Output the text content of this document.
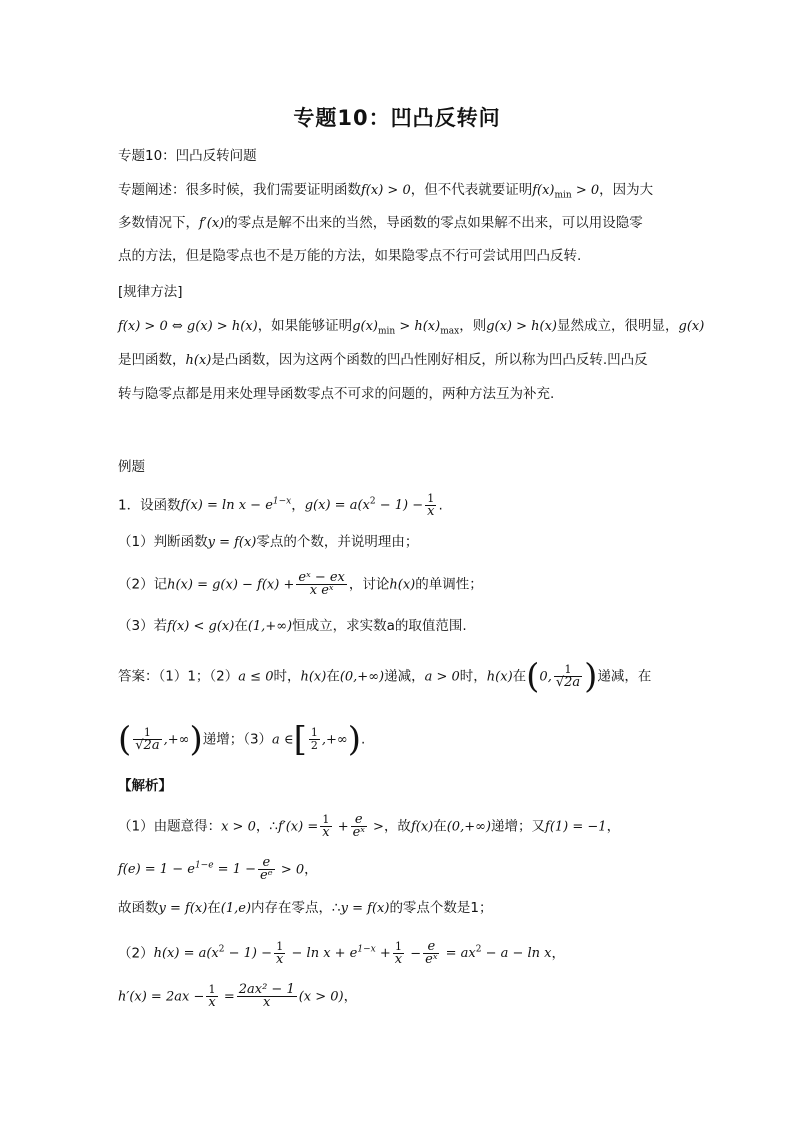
专题10：凹凸反转问
专题10：凹凸反转问题
专题阐述：很多时候，我们需要证明函数f(x) > 0，但不代表就要证明$f(x)_{min} > 0$，因为大
多数情况下，f′(x)的零点是解不出来的当然，导函数的零点如果解不出来，可以用设隐零
点的方法，但是隐零点也不是万能的方法，如果隐零点不行可尝试用凹凸反转.
[规律方法]
f(x) > 0 ⇔ g(x) > h(x)，如果能够证明$g(x)_{min} > h(x)_{max}$，则g(x) > h(x)显然成立，很明显，g(x)
是凹函数，h(x)是凸函数，因为这两个函数的凹凸性刚好相反，所以称为凹凸反转.凹凸反
转与隐零点都是用来处理导函数零点不可求的问题的，两种方法互为补充.
例题
1．设函数$f(x) = \ln x - e^{1-x}$，$g(x) = a(x^2 - 1) - \frac{1}{x}$ .
（1）判断函数y = f(x)零点的个数，并说明理由；
（2）记$h(x) = g(x) - f(x) + \frac{\text{eˣ − ex}}{\text{x eˣ}}$ ，讨论h(x)的单调性；
（3）若f(x) < g(x)在(1,+∞)恒成立，求实数a的取值范围.
答案：（1）1；（2）a ≤ 0时，h(x)在(0,+∞)递减，a > 0时，h(x)在(0, $\frac{1}{√2a}$ )递减，在
( $\frac{1}{√2a}$ ,+∞)递增；（3）a ∈[ $\frac{1}{2}$ ,+∞).
【解析】
（1）由题意得：x > 0，∴f′(x) = $\frac{1}{x} + \frac{e}{\text{eˣ}}$ >，故f(x)在(0,+∞)递增；又f(1) = −1，
$f(e) = 1 - e^{1-e} = 1 - \frac{e}{\text{eᵉ}} > 0$，
故函数y = f(x)在(1,e)内存在零点，∴y = f(x)的零点个数是1；
$(2)h(x) = a(x^2 - 1) - \frac{1}{x} - \ln x + e^{1-x} + \frac{1}{x} - \frac{e}{\text{eˣ}} = ax^2 - a - \ln x$，
$h'(x) = 2ax - \frac{1}{x} = \frac{\text{2ax² − 1}}{x} (x > 0)$，
